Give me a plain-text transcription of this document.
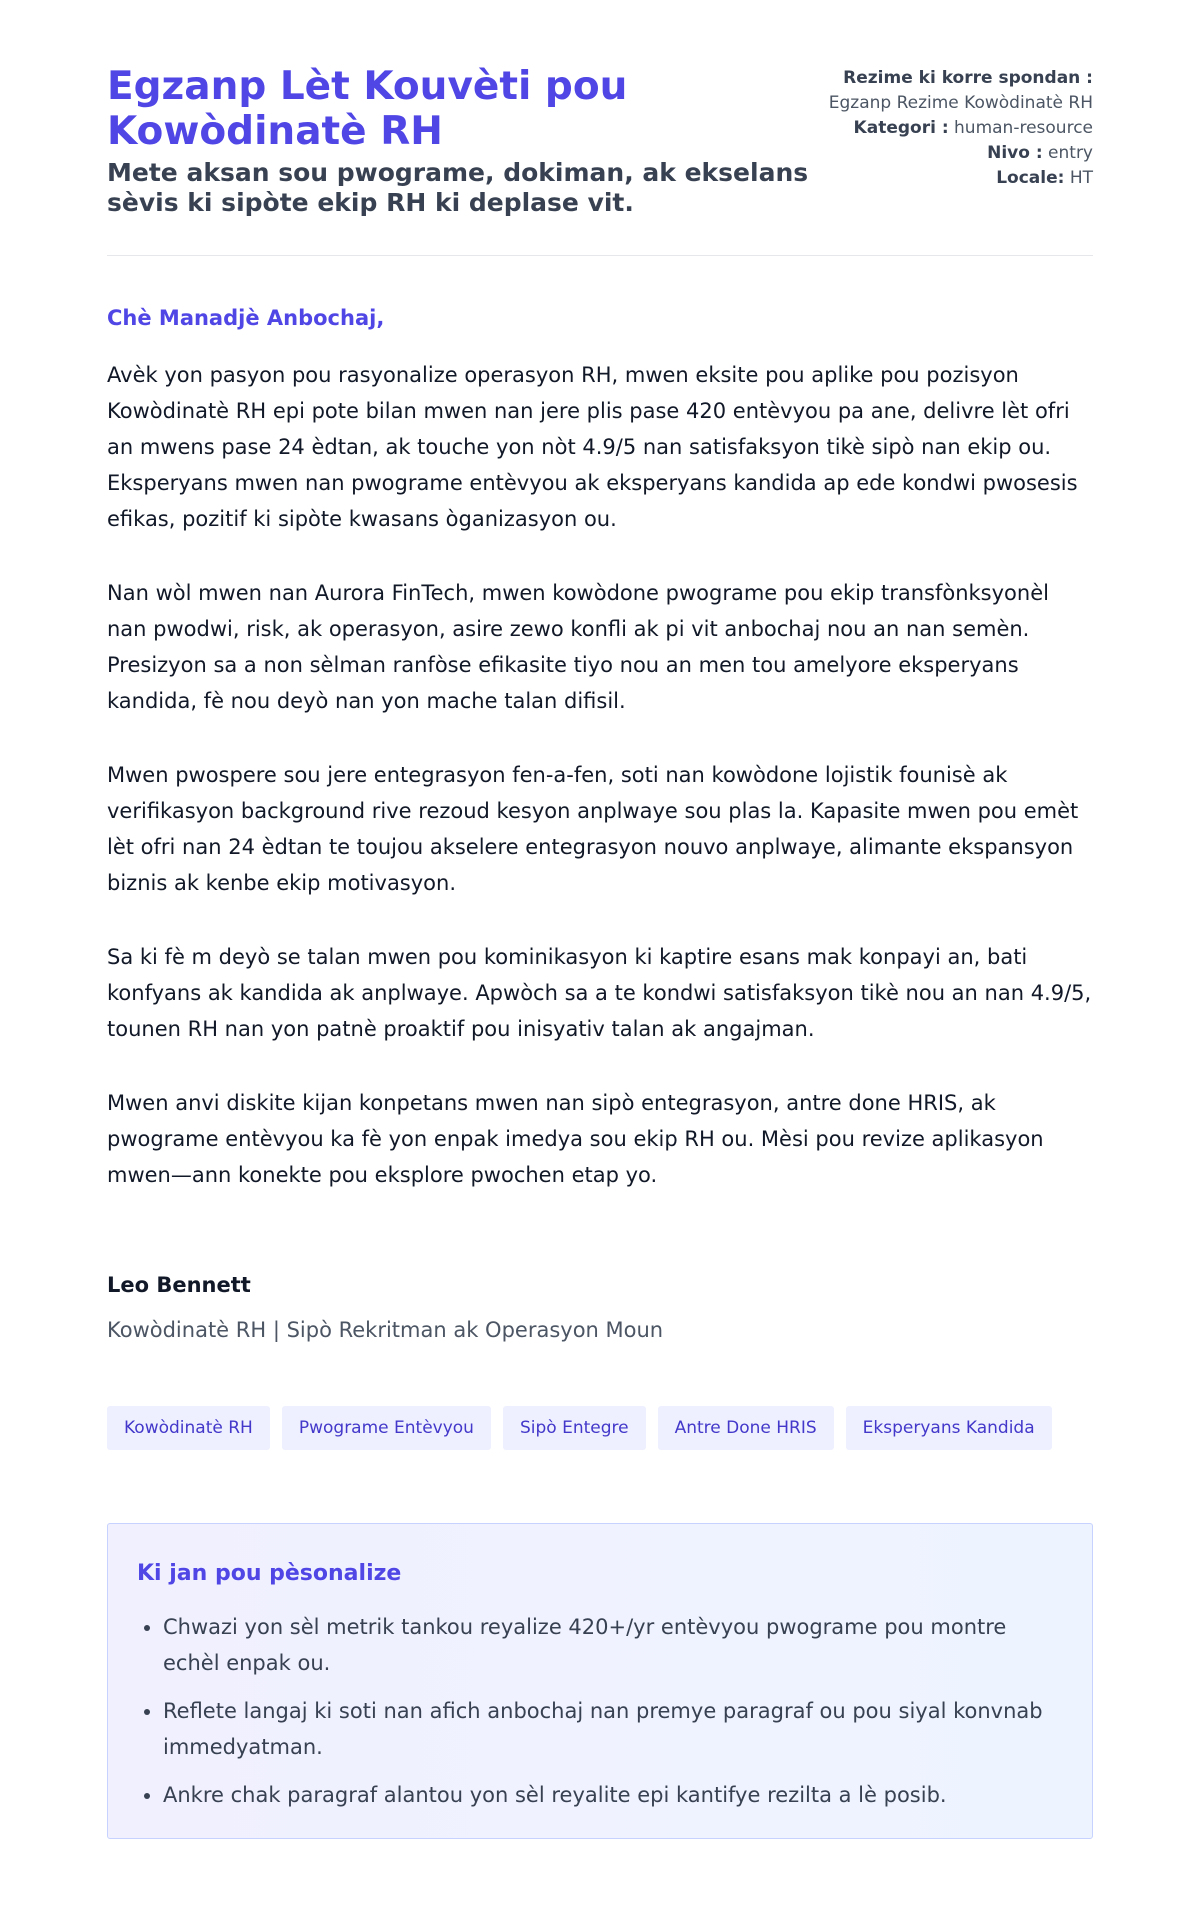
Egzanp Lèt Kouvèti pou Kowòdinatè RH
Mete aksan sou pwograme, dokiman, ak ekselans sèvis ki sipòte ekip RH ki deplase vit.
Rezime ki korre spondan :
Egzanp Rezime Kowòdinatè RH
Kategori : human-resource
Nivo : entry
Locale: HT

Chè Manadjè Anbochaj,

Avèk yon pasyon pou rasyonalize operasyon RH, mwen eksite pou aplike pou pozisyon Kowòdinatè RH epi pote bilan mwen nan jere plis pase 420 entèvyou pa ane, delivre lèt ofri an mwens pase 24 èdtan, ak touche yon nòt 4.9/5 nan satisfaksyon tikè sipò nan ekip ou. Eksperyans mwen nan pwograme entèvyou ak eksperyans kandida ap ede kondwi pwosesis efikas, pozitif ki sipòte kwasans òganizasyon ou.

Nan wòl mwen nan Aurora FinTech, mwen kowòdone pwograme pou ekip transfònksyonèl nan pwodwi, risk, ak operasyon, asire zewo konfli ak pi vit anbochaj nou an nan semèn. Presizyon sa a non sèlman ranfòse efikasite tiyo nou an men tou amelyore eksperyans kandida, fè nou deyò nan yon mache talan difisil.

Mwen pwospere sou jere entegrasyon fen-a-fen, soti nan kowòdone lojistik founisè ak verifikasyon background rive rezoud kesyon anplwaye sou plas la. Kapasite mwen pou emèt lèt ofri nan 24 èdtan te toujou akselere entegrasyon nouvo anplwaye, alimante ekspansyon biznis ak kenbe ekip motivasyon.

Sa ki fè m deyò se talan mwen pou kominikasyon ki kaptire esans mak konpayi an, bati konfyans ak kandida ak anplwaye. Apwòch sa a te kondwi satisfaksyon tikè nou an nan 4.9/5, tounen RH nan yon patnè proaktif pou inisyativ talan ak angajman.

Mwen anvi diskite kijan konpetans mwen nan sipò entegrasyon, antre done HRIS, ak pwograme entèvyou ka fè yon enpak imedya sou ekip RH ou. Mèsi pou revize aplikasyon mwen—ann konekte pou eksplore pwochen etap yo.

Leo Bennett

Kowòdinatè RH | Sipò Rekritman ak Operasyon Moun

Kowòdinatè RH	Pwograme Entèvyou	Sipò Entegre	Antre Done HRIS	Eksperyans Kandida
Ki jan pou pèsonalize
• Chwazi yon sèl metrik tankou reyalize 420+/yr entèvyou pwograme pou montre echèl enpak ou.
• Reflete langaj ki soti nan afich anbochaj nan premye paragraf ou pou siyal konvnab immedyatman.
• Ankre chak paragraf alantou yon sèl reyalite epi kantifye rezilta a lè posib.
